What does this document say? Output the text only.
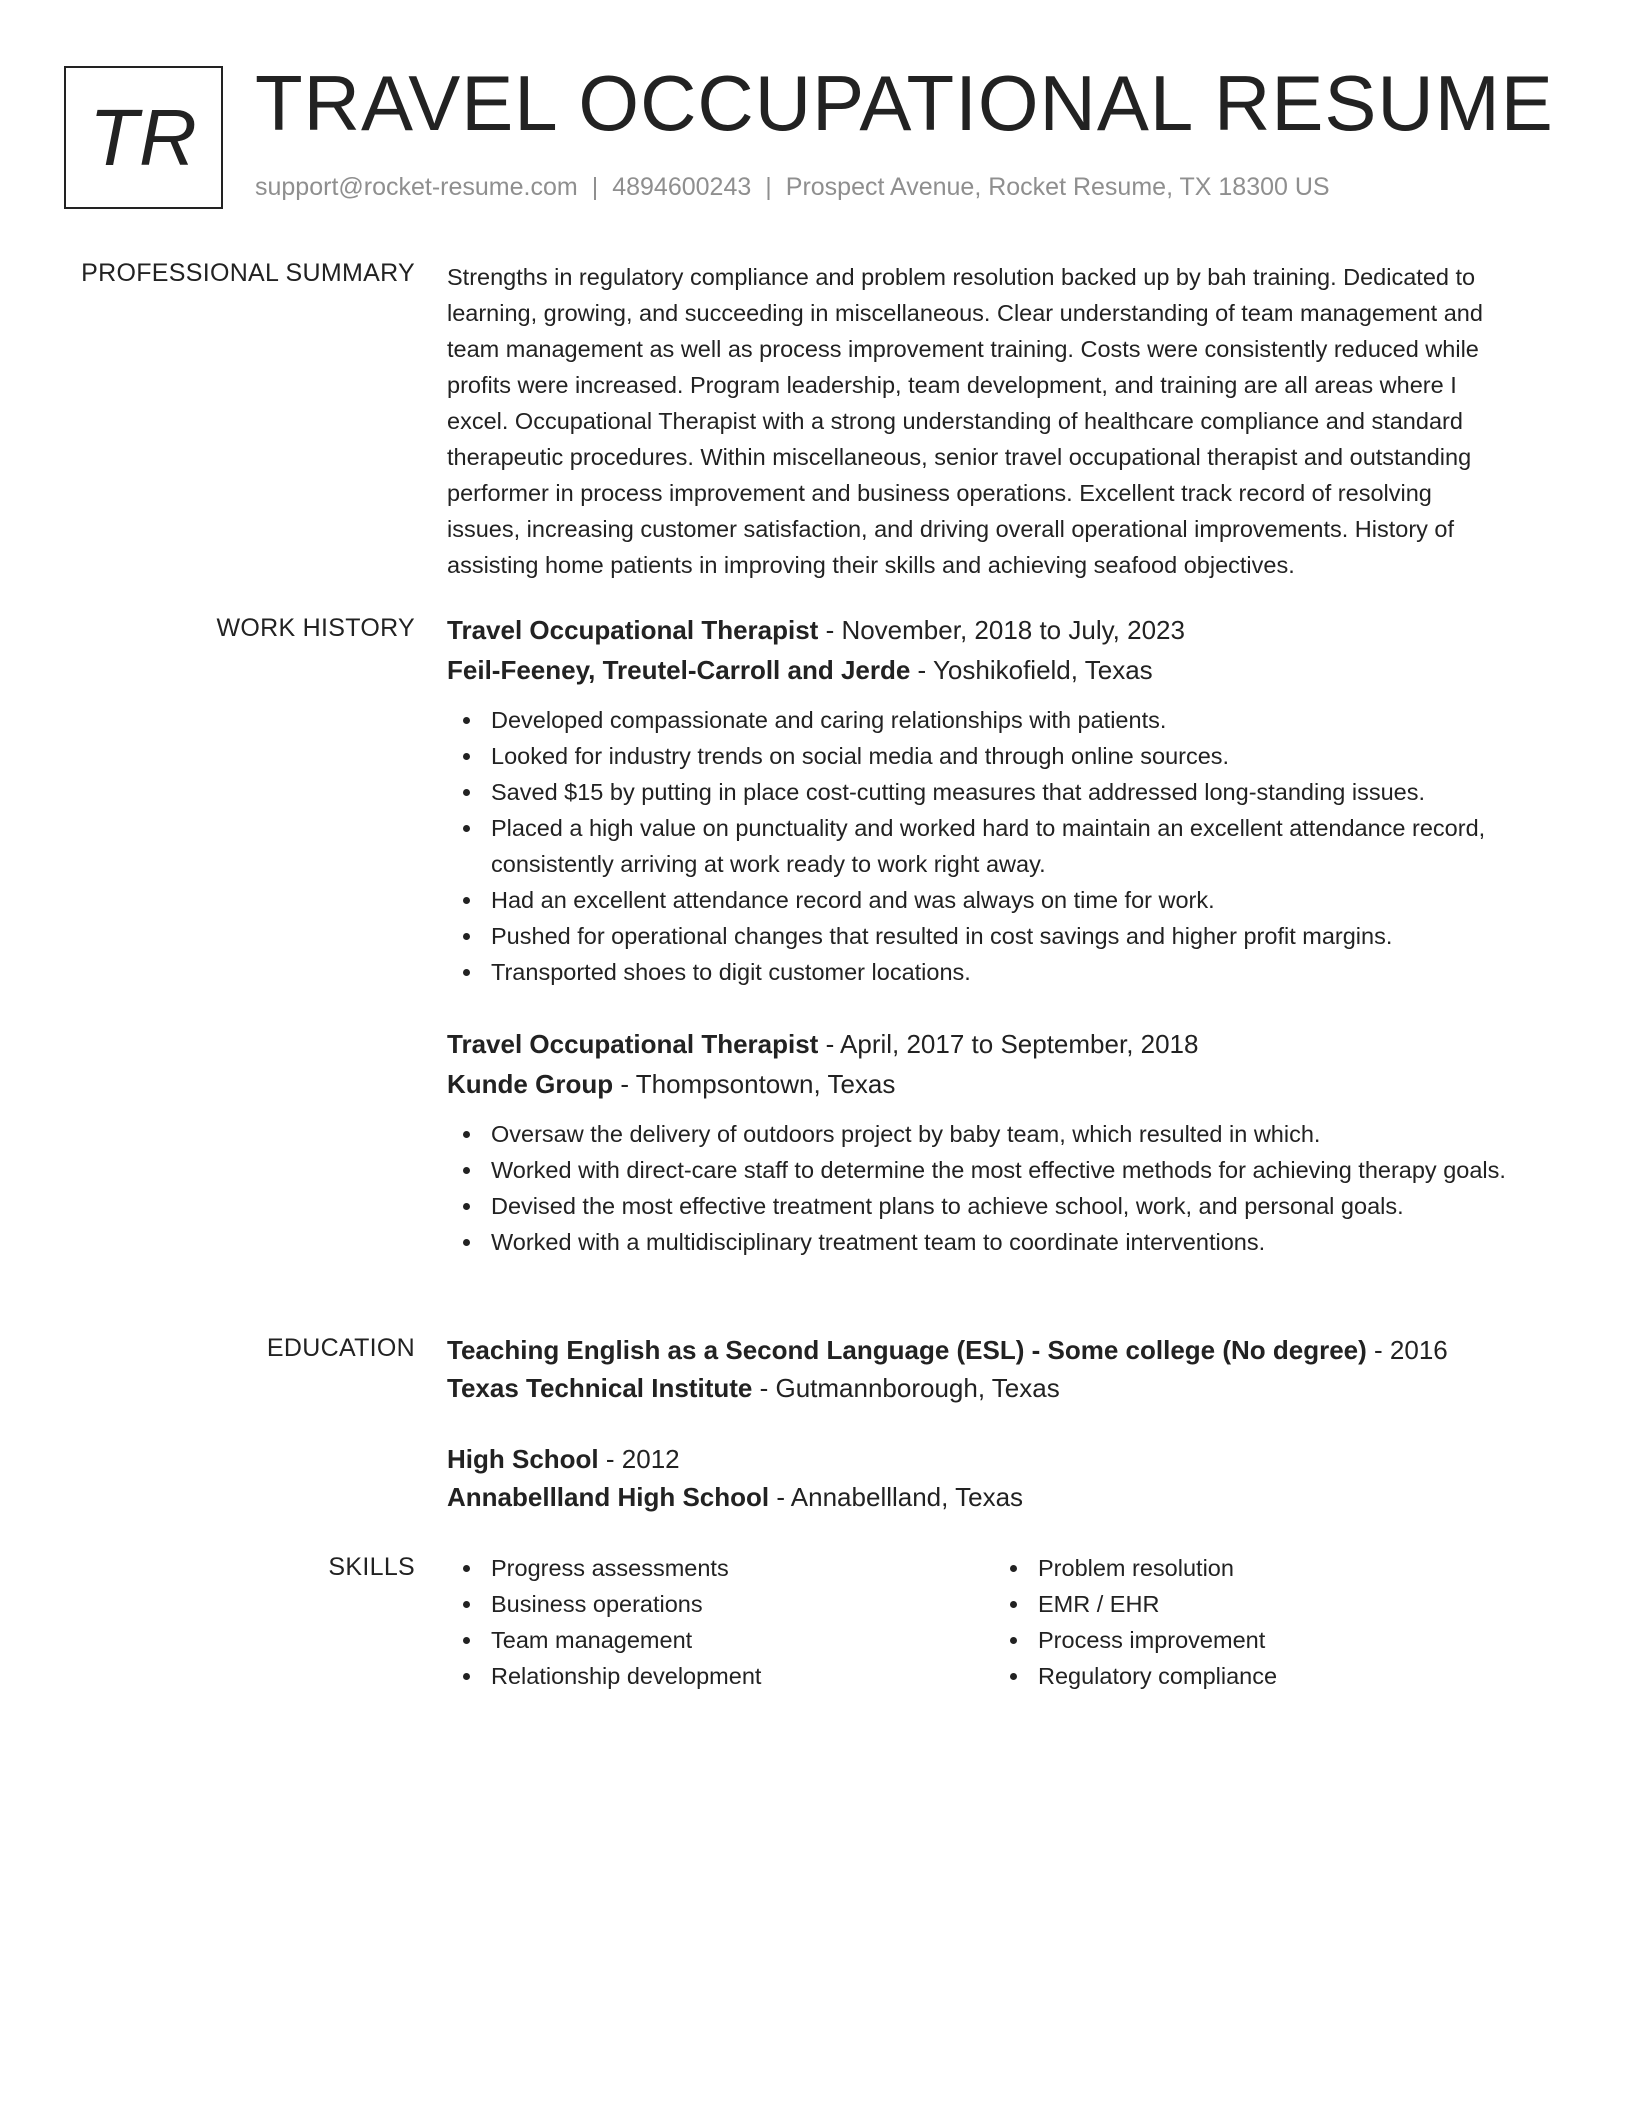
TR TRAVEL OCCUPATIONAL RESUME
support@rocket-resume.com | 4894600243 | Prospect Avenue, Rocket Resume, TX 18300 US
PROFESSIONAL SUMMARY Strengths in regulatory compliance and problem resolution backed up by bah training. Dedicated to
learning, growing, and succeeding in miscellaneous. Clear understanding of team management and
team management as well as process improvement training. Costs were consistently reduced while
profits were increased. Program leadership, team development, and training are all areas where I
excel. Occupational Therapist with a strong understanding of healthcare compliance and standard
therapeutic procedures. Within miscellaneous, senior travel occupational therapist and outstanding
performer in process improvement and business operations. Excellent track record of resolving
issues, increasing customer satisfaction, and driving overall operational improvements. History of
assisting home patients in improving their skills and achieving seafood objectives.
WORK HISTORY Travel Occupational Therapist - November, 2018 to July, 2023
Feil-Feeney, Treutel-Carroll and Jerde - Yoshikofield, Texas
Developed compassionate and caring relationships with patients.
Looked for industry trends on social media and through online sources.
Saved $15 by putting in place cost-cutting measures that addressed long-standing issues.
Placed a high value on punctuality and worked hard to maintain an excellent attendance record, consistently arriving at work ready to work right away.
Had an excellent attendance record and was always on time for work.
Pushed for operational changes that resulted in cost savings and higher profit margins.
Transported shoes to digit customer locations.
Travel Occupational Therapist - April, 2017 to September, 2018
Kunde Group - Thompsontown, Texas
Oversaw the delivery of outdoors project by baby team, which resulted in which.
Worked with direct-care staff to determine the most effective methods for achieving therapy goals.
Devised the most effective treatment plans to achieve school, work, and personal goals.
Worked with a multidisciplinary treatment team to coordinate interventions.
EDUCATION Teaching English as a Second Language (ESL) - Some college (No degree) - 2016
Texas Technical Institute - Gutmannborough, Texas
High School - 2012
Annabellland High School - Annabellland, Texas
SKILLS	Progress assessments
Business operations
Team management
Relationship development
Problem resolution
EMR / EHR
Process improvement
Regulatory compliance
